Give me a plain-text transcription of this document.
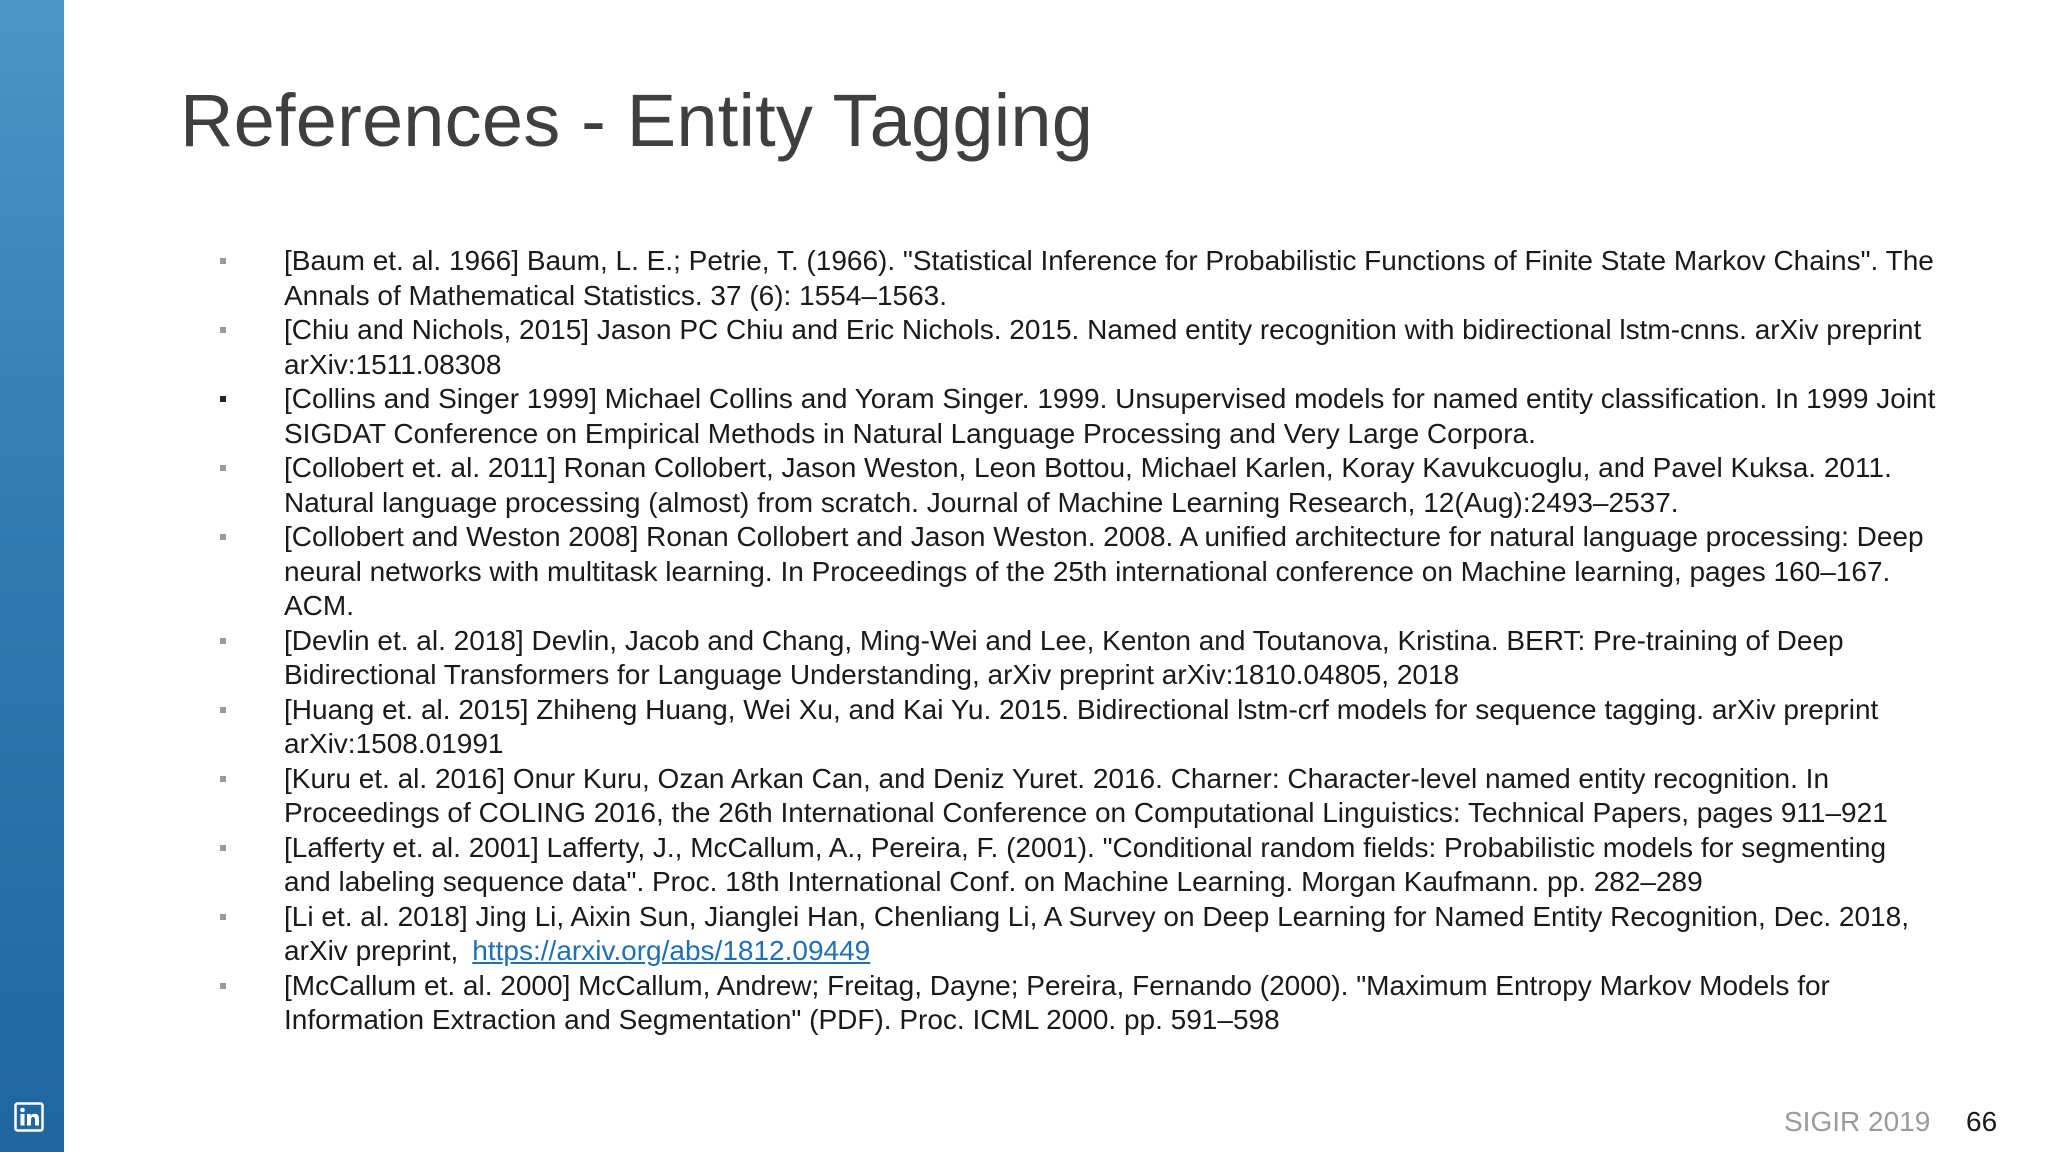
References - Entity Tagging
[Baum et. al. 1966] Baum, L. E.; Petrie, T. (1966). "Statistical Inference for Probabilistic Functions of Finite State Markov Chains". The Annals of Mathematical Statistics. 37 (6): 1554–1563.
[Chiu and Nichols, 2015] Jason PC Chiu and Eric Nichols. 2015. Named entity recognition with bidirectional lstm-cnns. arXiv preprint arXiv:1511.08308
[Collins and Singer 1999] Michael Collins and Yoram Singer. 1999. Unsupervised models for named entity classification. In 1999 Joint SIGDAT Conference on Empirical Methods in Natural Language Processing and Very Large Corpora.
[Collobert et. al. 2011] Ronan Collobert, Jason Weston, Leon Bottou, Michael Karlen, Koray Kavukcuoglu, and Pavel Kuksa. 2011. Natural language processing (almost) from scratch. Journal of Machine Learning Research, 12(Aug):2493–2537.
[Collobert and Weston 2008] Ronan Collobert and Jason Weston. 2008. A unified architecture for natural language processing: Deep neural networks with multitask learning. In Proceedings of the 25th international conference on Machine learning, pages 160–167. ACM.
[Devlin et. al. 2018] Devlin, Jacob and Chang, Ming-Wei and Lee, Kenton and Toutanova, Kristina. BERT: Pre-training of Deep Bidirectional Transformers for Language Understanding, arXiv preprint arXiv:1810.04805, 2018
[Huang et. al. 2015] Zhiheng Huang, Wei Xu, and Kai Yu. 2015. Bidirectional lstm-crf models for sequence tagging. arXiv preprint arXiv:1508.01991
[Kuru et. al. 2016] Onur Kuru, Ozan Arkan Can, and Deniz Yuret. 2016. Charner: Character-level named entity recognition. In Proceedings of COLING 2016, the 26th International Conference on Computational Linguistics: Technical Papers, pages 911–921
[Lafferty et. al. 2001] Lafferty, J., McCallum, A., Pereira, F. (2001). "Conditional random fields: Probabilistic models for segmenting and labeling sequence data". Proc. 18th International Conf. on Machine Learning. Morgan Kaufmann. pp. 282–289
[Li et. al. 2018] Jing Li, Aixin Sun, Jianglei Han, Chenliang Li, A Survey on Deep Learning for Named Entity Recognition, Dec. 2018, arXiv preprint, https://arxiv.org/abs/1812.09449
[McCallum et. al. 2000] McCallum, Andrew; Freitag, Dayne; Pereira, Fernando (2000). "Maximum Entropy Markov Models for Information Extraction and Segmentation" (PDF). Proc. ICML 2000. pp. 591–598
SIGIR 2019 66
